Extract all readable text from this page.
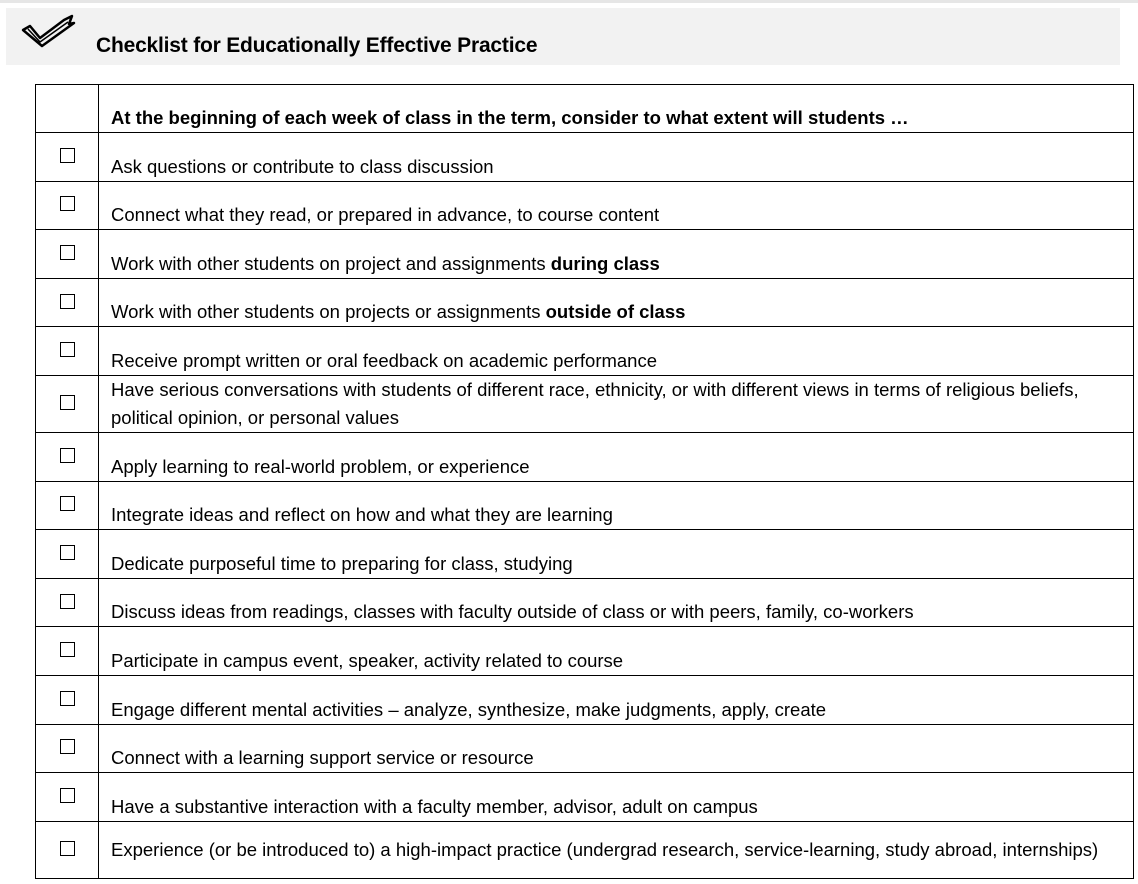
Checklist for Educationally Effective Practice
	At the beginning of each week of class in the term, consider to what extent will students …
	Ask questions or contribute to class discussion
	Connect what they read, or prepared in advance, to course content
	Work with other students on project and assignments during class
	Work with other students on projects or assignments outside of class
	Receive prompt written or oral feedback on academic performance
	Have serious conversations with students of different race, ethnicity, or with different views in terms of religious beliefs, political opinion, or personal values
	Apply learning to real-world problem, or experience
	Integrate ideas and reflect on how and what they are learning
	Dedicate purposeful time to preparing for class, studying
	Discuss ideas from readings, classes with faculty outside of class or with peers, family, co-workers
	Participate in campus event, speaker, activity related to course
	Engage different mental activities – analyze, synthesize, make judgments, apply, create
	Connect with a learning support service or resource
	Have a substantive interaction with a faculty member, advisor, adult on campus
	Experience (or be introduced to) a high-impact practice (undergrad research, service-learning, study abroad, internships)
